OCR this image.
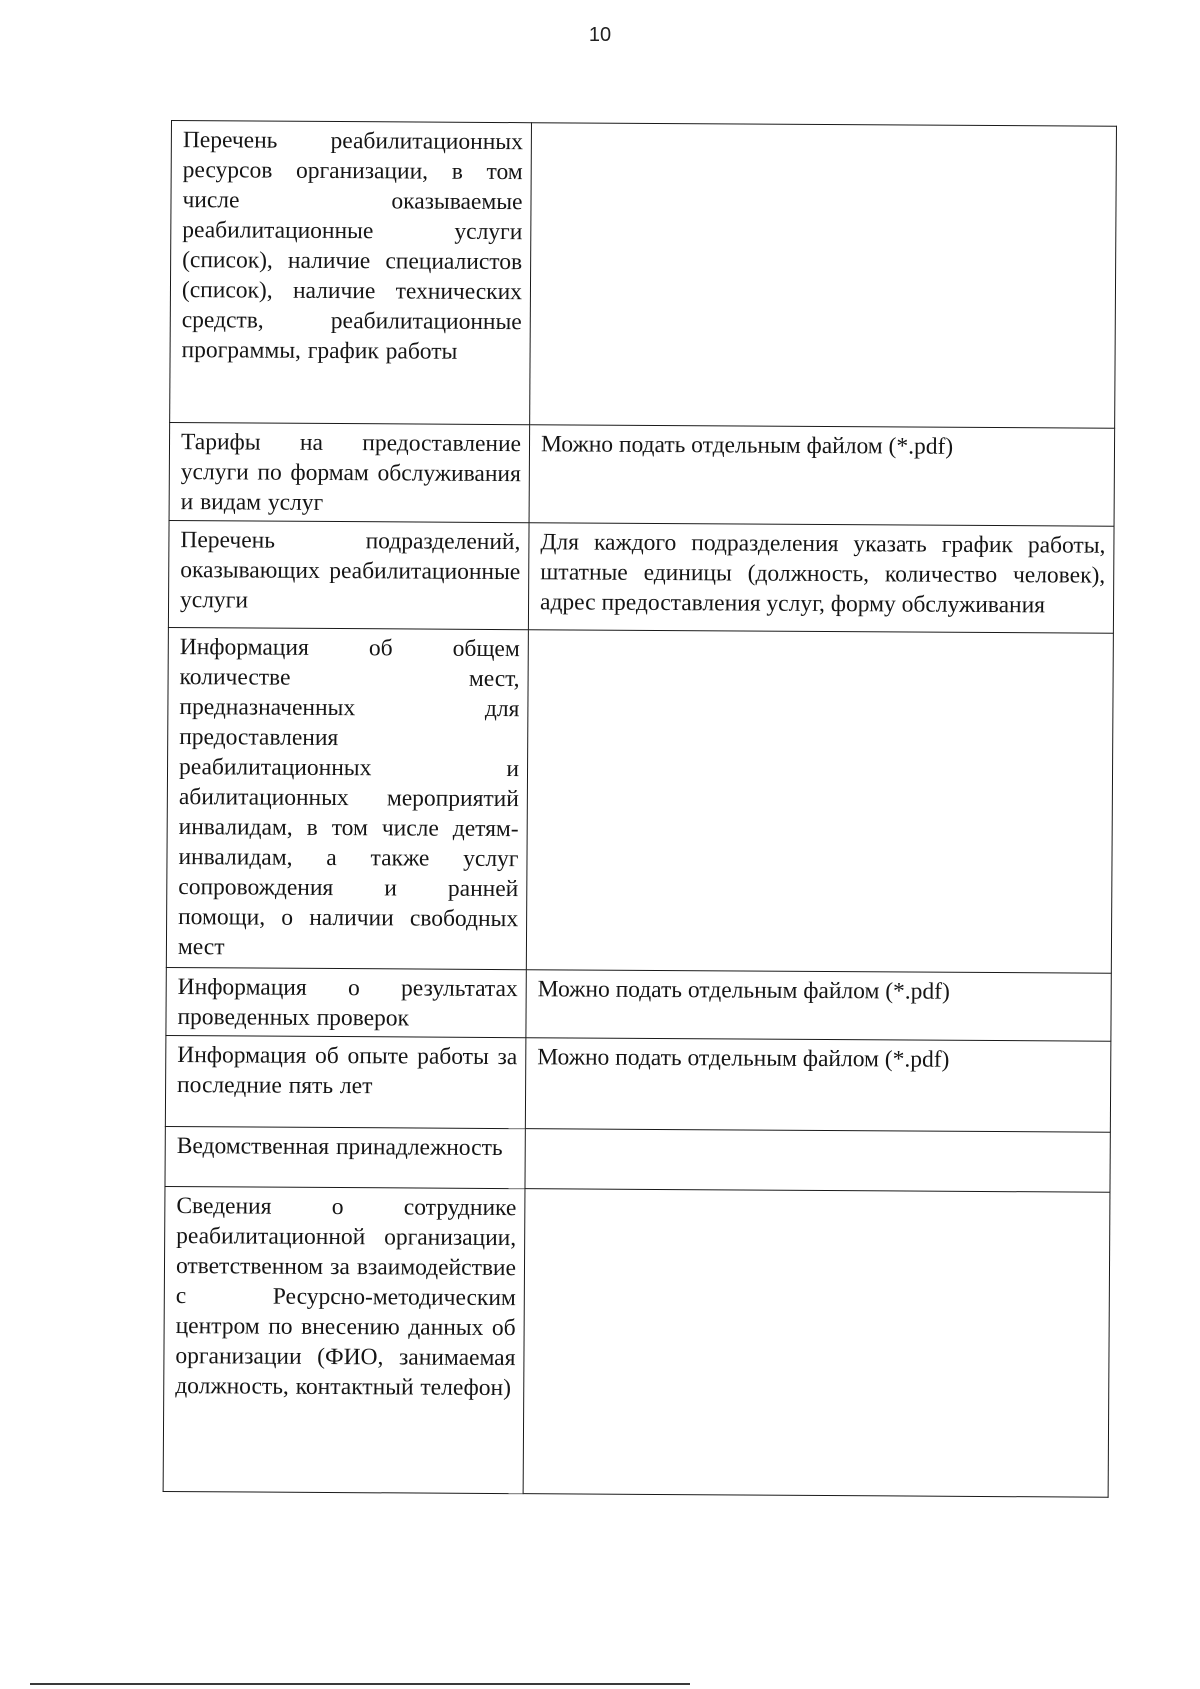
10
Перечень реабилитационных ресурсов организации, в том числе оказываемые реабилитационные услуги (список), наличие специалистов (список), наличие технических средств, реабилитационные программы, график работы	
Тарифы на предоставление услуги по формам обслуживания и видам услуг	Можно подать отдельным файлом (*.pdf)
Перечень подразделений, оказывающих реабилитационные услуги	Для каждого подразделения указать график работы, штатные единицы (должность, количество человек), адрес предоставления услуг, форму обслуживания
Информация об общем количестве мест, предназначенных для предоставления реабилитационных и абилитационных мероприятий инвалидам, в том числе детям-инвалидам, а также услуг сопровождения и ранней помощи, о наличии свободных мест	
Информация о результатах проведенных проверок	Можно подать отдельным файлом (*.pdf)
Информация об опыте работы за последние пять лет	Можно подать отдельным файлом (*.pdf)
Ведомственная принадлежность	
Сведения о сотруднике реабилитационной организации, ответственном за взаимодействие с Ресурсно-методическим центром по внесению данных об организации (ФИО, занимаемая должность, контактный телефон)	
